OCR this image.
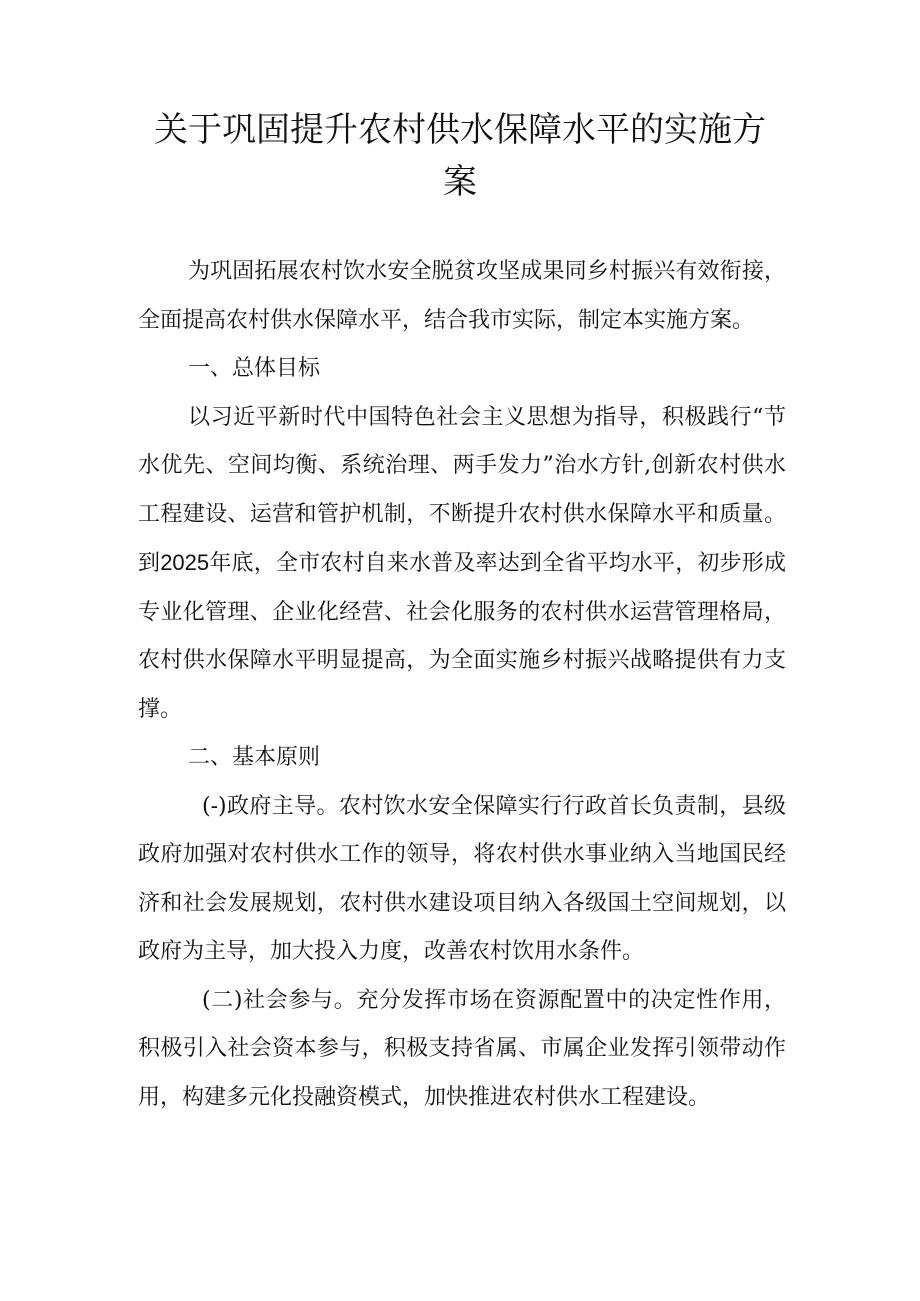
关于巩固提升农村供水保障水平的实施方
案

为巩固拓展农村饮水安全脱贫攻坚成果同乡村振兴有效衔接，全面提高农村供水保障水平，结合我市实际，制定本实施方案。

一、总体目标

以习近平新时代中国特色社会主义思想为指导，积极践行“节水优先、空间均衡、系统治理、两手发力”治水方针,创新农村供水工程建设、运营和管护机制，不断提升农村供水保障水平和质量。到2025年底，全市农村自来水普及率达到全省平均水平，初步形成专业化管理、企业化经营、社会化服务的农村供水运营管理格局，农村供水保障水平明显提高，为全面实施乡村振兴战略提供有力支撑。

二、基本原则

(-)政府主导。农村饮水安全保障实行行政首长负责制，县级政府加强对农村供水工作的领导，将农村供水事业纳入当地国民经济和社会发展规划，农村供水建设项目纳入各级国土空间规划，以政府为主导，加大投入力度，改善农村饮用水条件。

(二)社会参与。充分发挥市场在资源配置中的决定性作用，积极引入社会资本参与，积极支持省属、市属企业发挥引领带动作用，构建多元化投融资模式，加快推进农村供水工程建设。
